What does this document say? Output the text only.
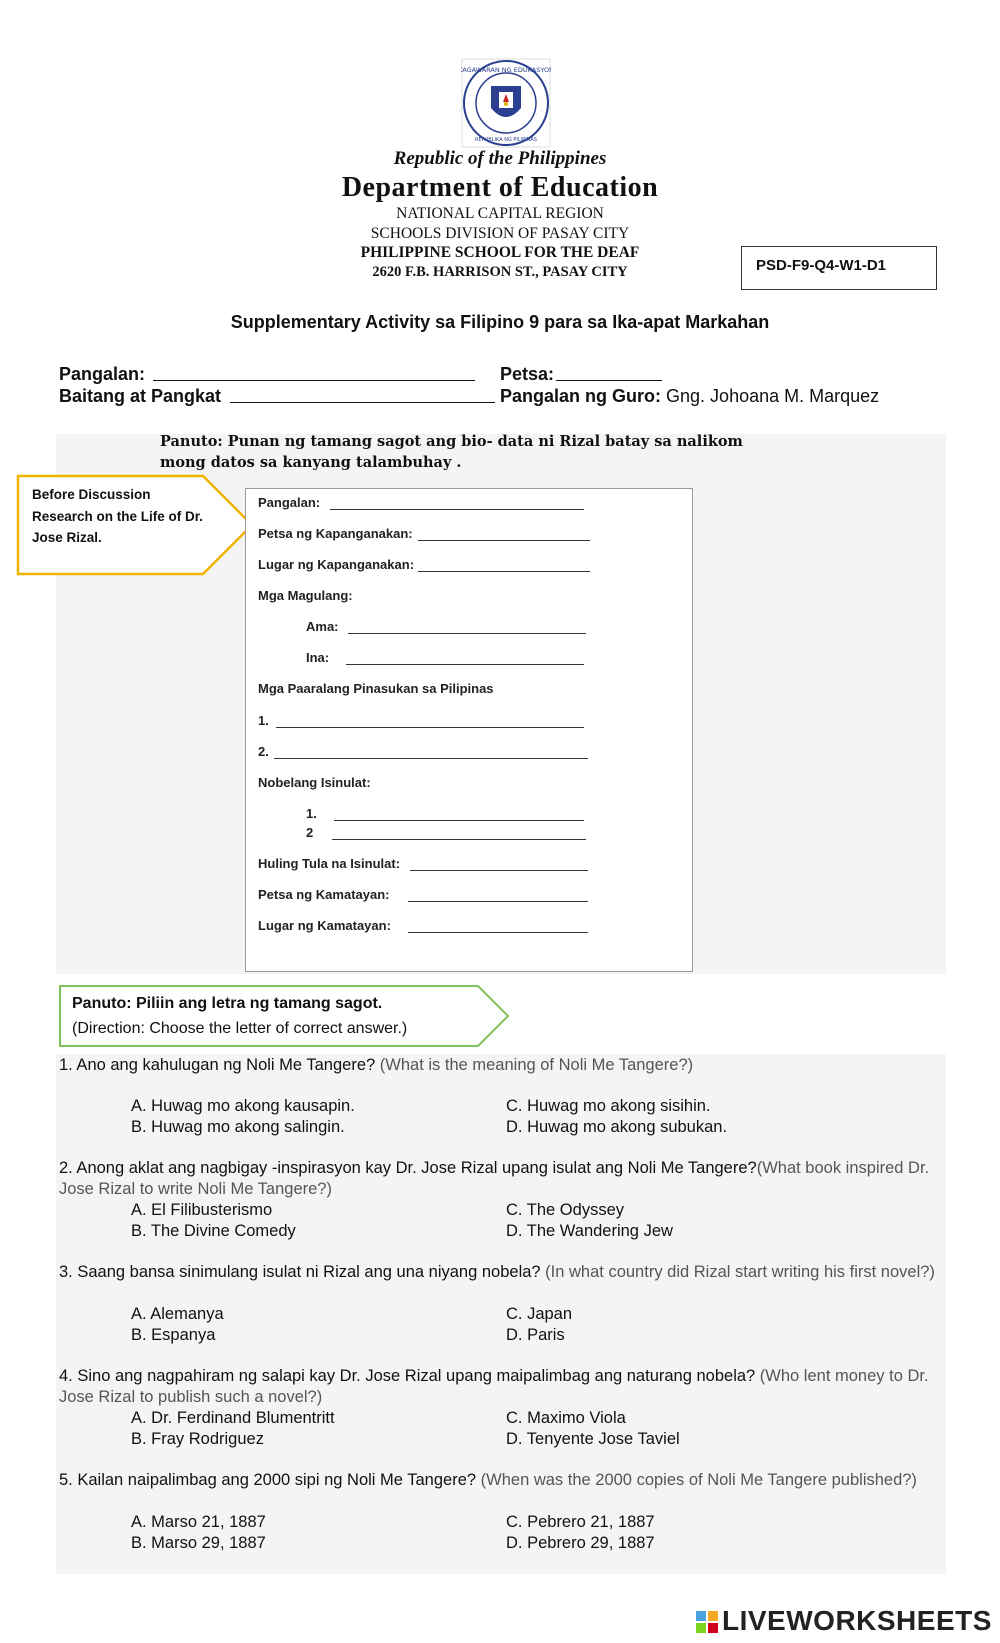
KAGAWARAN NG EDUKASYON
REPUBLIKA NG PILIPINAS
Republic of the Philippines
Department of Education
NATIONAL CAPITAL REGION
SCHOOLS DIVISION OF PASAY CITY
PHILIPPINE SCHOOL FOR THE DEAF
2620 F.B. HARRISON ST., PASAY CITY	PSD-F9-Q4-W1-D1
Supplementary Activity sa Filipino 9 para sa Ika-apat Markahan
Pangalan:	Petsa:
Baitang at Pangkat	Pangalan ng Guro: Gng. Johoana M. Marquez
Panuto: Punan ng tamang sagot ang bio- data ni Rizal batay sa nalikom
mong datos sa kanyang talambuhay .
Before Discussion
Research on the Life of Dr.
Jose Rizal.
Pangalan:
Petsa ng Kapanganakan:
Lugar ng Kapanganakan:
Mga Magulang:
Ama:
Ina:
Mga Paaralang Pinasukan sa Pilipinas
1.
2.
Nobelang Isinulat:
1.
2
Huling Tula na Isinulat:
Petsa ng Kamatayan:
Lugar ng Kamatayan:
Panuto: Piliin ang letra ng tamang sagot.
(Direction: Choose the letter of correct answer.)
1. Ano ang kahulugan ng Noli Me Tangere? (What is the meaning of Noli Me Tangere?)
A. Huwag mo akong kausapin.
B. Huwag mo akong salingin.
C. Huwag mo akong sisihin.
D. Huwag mo akong subukan.
2. Anong aklat ang nagbigay -inspirasyon kay Dr. Jose Rizal upang isulat ang Noli Me Tangere?(What book inspired Dr. Jose Rizal to write Noli Me Tangere?)
A. El Filibusterismo
B. The Divine Comedy
C. The Odyssey
D. The Wandering Jew
3. Saang bansa sinimulang isulat ni Rizal ang una niyang nobela? (In what country did Rizal start writing his first novel?)
A. Alemanya
B. Espanya
C. Japan
D. Paris
4. Sino ang nagpahiram ng salapi kay Dr. Jose Rizal upang maipalimbag ang naturang nobela? (Who lent money to Dr. Jose Rizal to publish such a novel?)
A. Dr. Ferdinand Blumentritt
B. Fray Rodriguez
C. Maximo Viola
D. Tenyente Jose Taviel
5. Kailan naipalimbag ang 2000 sipi ng Noli Me Tangere? (When was the 2000 copies of Noli Me Tangere published?)
A. Marso 21, 1887
B. Marso 29, 1887
C. Pebrero 21, 1887
D. Pebrero 29, 1887
LIVEWORKSHEETS
